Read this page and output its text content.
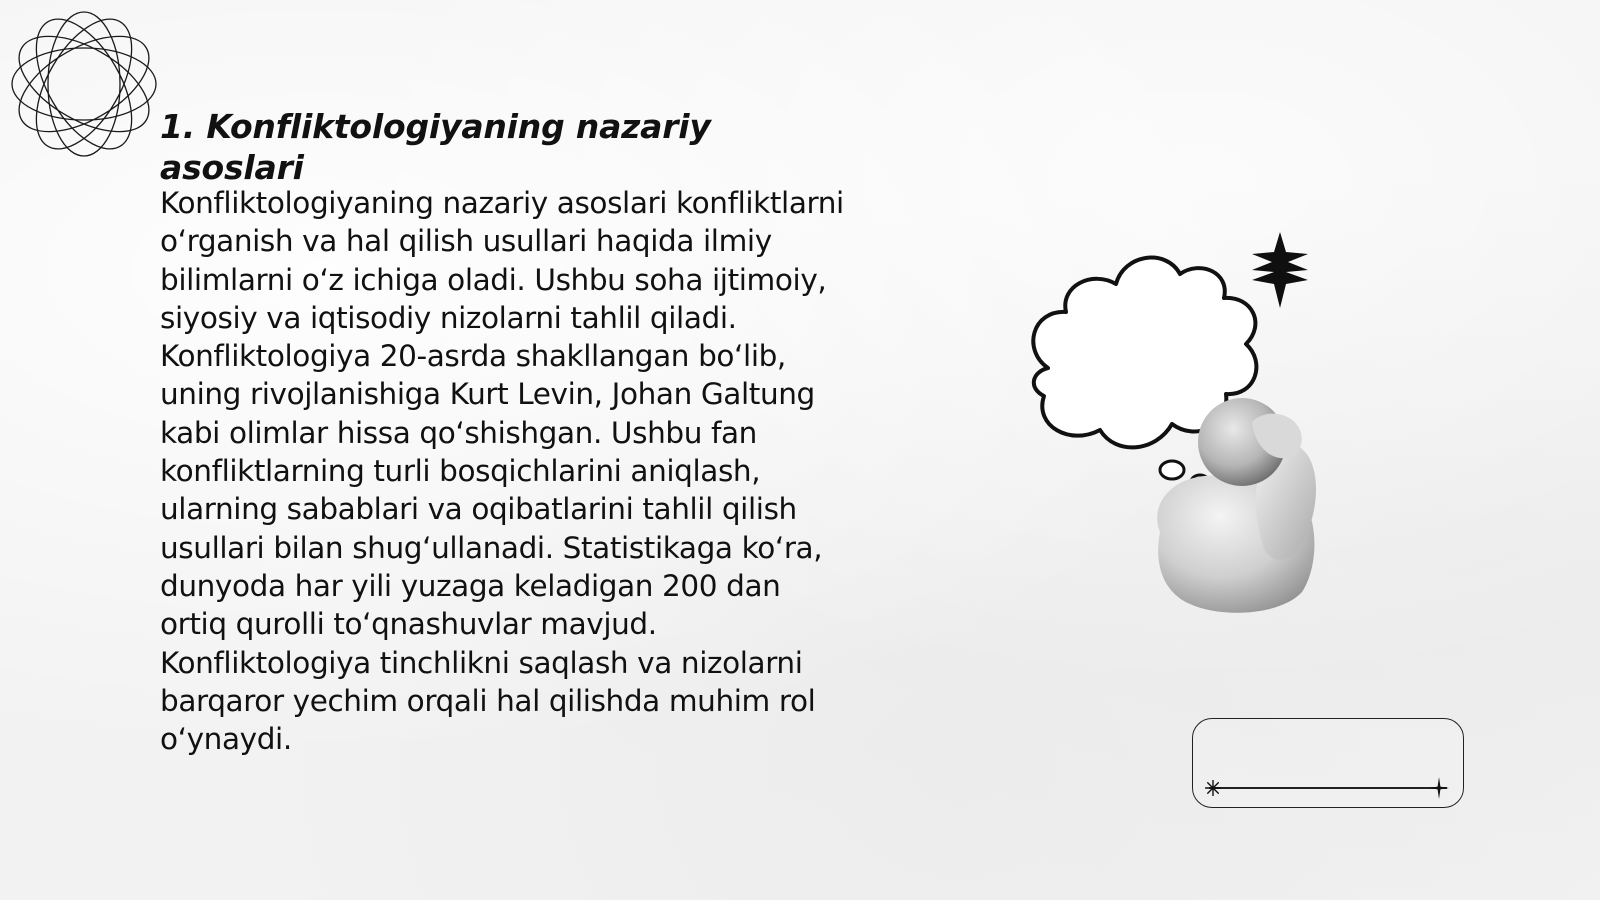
1. Konfliktologiyaning nazariy asoslari

Konfliktologiyaning nazariy asoslari konfliktlarni o‘rganish va hal qilish usullari haqida ilmiy bilimlarni o‘z ichiga oladi. Ushbu soha ijtimoiy, siyosiy va iqtisodiy nizolarni tahlil qiladi. Konfliktologiya 20-asrda shakllangan bo‘lib, uning rivojlanishiga Kurt Levin, Johan Galtung kabi olimlar hissa qo‘shishgan. Ushbu fan konfliktlarning turli bosqichlarini aniqlash, ularning sabablari va oqibatlarini tahlil qilish usullari bilan shug‘ullanadi. Statistikaga ko‘ra, dunyoda har yili yuzaga keladigan 200 dan ortiq qurolli to‘qnashuvlar mavjud. Konfliktologiya tinchlikni saqlash va nizolarni barqaror yechim orqali hal qilishda muhim rol o‘ynaydi.
